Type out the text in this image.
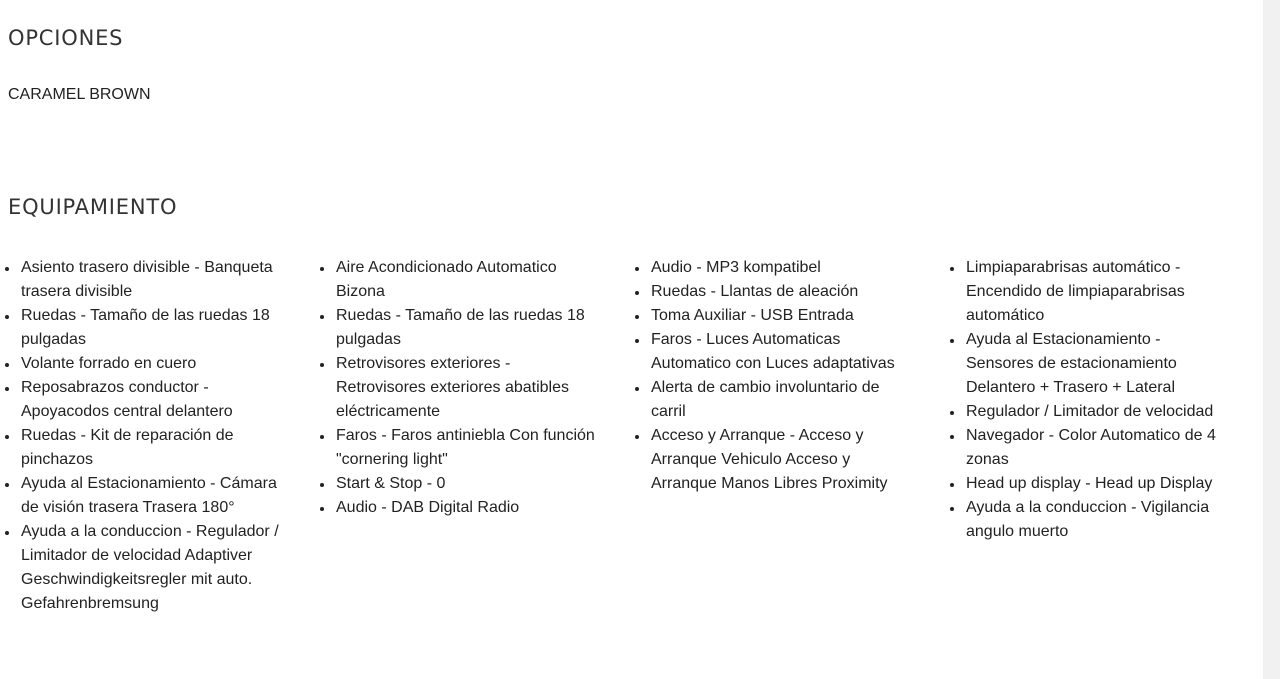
OPCIONES
CARAMEL BROWN
EQUIPAMIENTO
Asiento trasero divisible - Banqueta trasera divisible
Ruedas - Tamaño de las ruedas 18 pulgadas
Volante forrado en cuero
Reposabrazos conductor - Apoyacodos central delantero
Ruedas - Kit de reparación de pinchazos
Ayuda al Estacionamiento - Cámara de visión trasera Trasera 180°
Ayuda a la conduccion - Regulador / Limitador de velocidad Adaptiver Geschwindigkeitsregler mit auto. Gefahrenbremsung
Aire Acondicionado Automatico Bizona
Ruedas - Tamaño de las ruedas 18 pulgadas
Retrovisores exteriores - Retrovisores exteriores abatibles eléctricamente
Faros - Faros antiniebla Con función "cornering light"
Start & Stop - 0
Audio - DAB Digital Radio
Audio - MP3 kompatibel
Ruedas - Llantas de aleación
Toma Auxiliar - USB Entrada
Faros - Luces Automaticas Automatico con Luces adaptativas
Alerta de cambio involuntario de carril
Acceso y Arranque - Acceso y Arranque Vehiculo Acceso y Arranque Manos Libres Proximity
Limpiaparabrisas automático - Encendido de limpiaparabrisas automático
Ayuda al Estacionamiento - Sensores de estacionamiento Delantero + Trasero + Lateral
Regulador / Limitador de velocidad
Navegador - Color Automatico de 4 zonas
Head up display - Head up Display
Ayuda a la conduccion - Vigilancia angulo muerto
